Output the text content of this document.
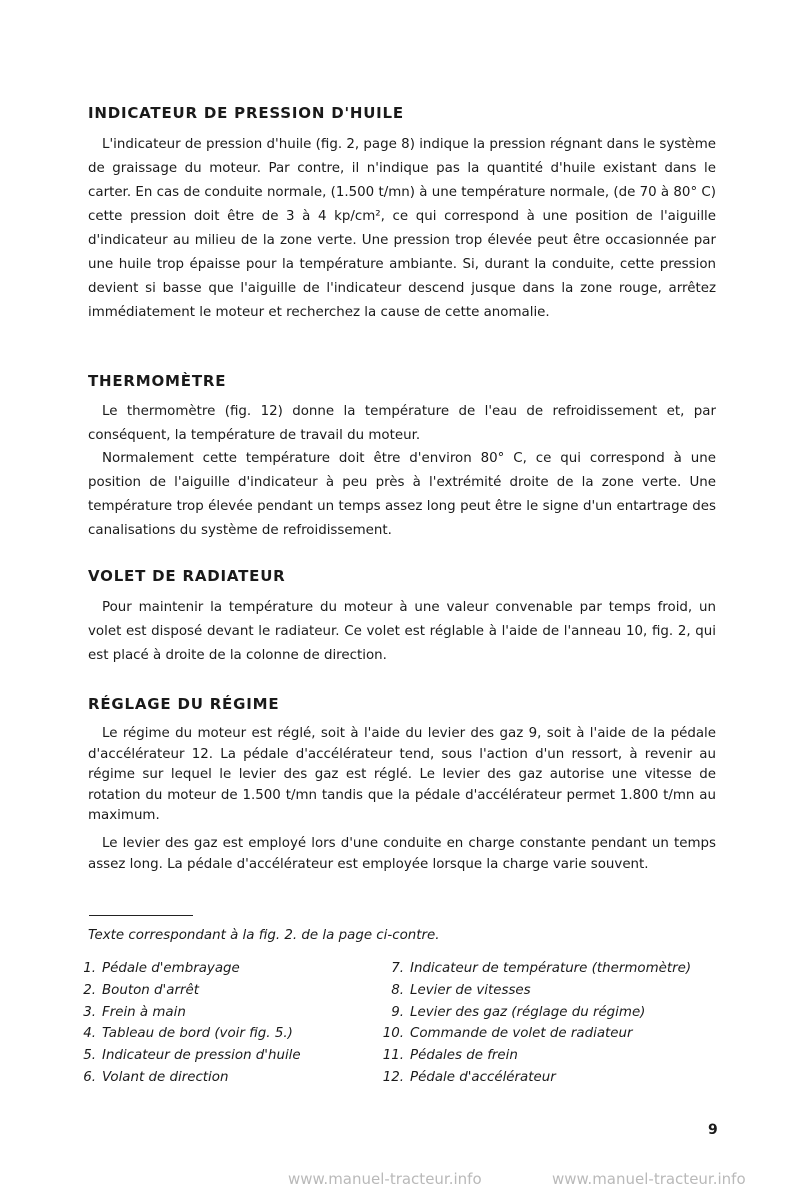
INDICATEUR DE PRESSION D'HUILE

L'indicateur de pression d'huile (fig. 2, page 8) indique la pression régnant dans le système de graissage du moteur. Par contre, il n'indique pas la quantité d'huile existant dans le carter. En cas de conduite normale, (1.500 t/mn) à une température normale, (de 70 à 80° C) cette pression doit être de 3 à 4 kp/cm², ce qui correspond à une position de l'aiguille d'indicateur au milieu de la zone verte. Une pression trop élevée peut être occasionnée par une huile trop épaisse pour la température ambiante. Si, durant la conduite, cette pression devient si basse que l'aiguille de l'indicateur descend jusque dans la zone rouge, arrêtez immédiatement le moteur et recherchez la cause de cette anomalie.

THERMOMÈTRE

Le thermomètre (fig. 12) donne la température de l'eau de refroidissement et, par conséquent, la température de travail du moteur.

Normalement cette température doit être d'environ 80° C, ce qui correspond à une position de l'aiguille d'indicateur à peu près à l'extrémité droite de la zone verte. Une température trop élevée pendant un temps assez long peut être le signe d'un entartrage des canalisations du système de refroidissement.

VOLET DE RADIATEUR

Pour maintenir la température du moteur à une valeur convenable par temps froid, un volet est disposé devant le radiateur. Ce volet est réglable à l'aide de l'anneau 10, fig. 2, qui est placé à droite de la colonne de direction.

RÉGLAGE DU RÉGIME

Le régime du moteur est réglé, soit à l'aide du levier des gaz 9, soit à l'aide de la pédale d'accélérateur 12. La pédale d'accélérateur tend, sous l'action d'un ressort, à revenir au régime sur lequel le levier des gaz est réglé. Le levier des gaz autorise une vitesse de rotation du moteur de 1.500 t/mn tandis que la pédale d'accélérateur permet 1.800 t/mn au maximum.

Le levier des gaz est employé lors d'une conduite en charge constante pendant un temps assez long. La pédale d'accélérateur est employée lorsque la charge varie souvent.

Texte correspondant à la fig. 2. de la page ci-contre.

1. Pédale d'embrayage
2. Bouton d'arrêt
3. Frein à main
4. Tableau de bord (voir fig. 5.)
5. Indicateur de pression d'huile
6. Volant de direction
7. Indicateur de température (thermomètre)
8. Levier de vitesses
9. Levier des gaz (réglage du régime)
10. Commande de volet de radiateur
11. Pédales de frein
12. Pédale d'accélérateur

9

www.manuel-tracteur.info	www.manuel-tracteur.info
